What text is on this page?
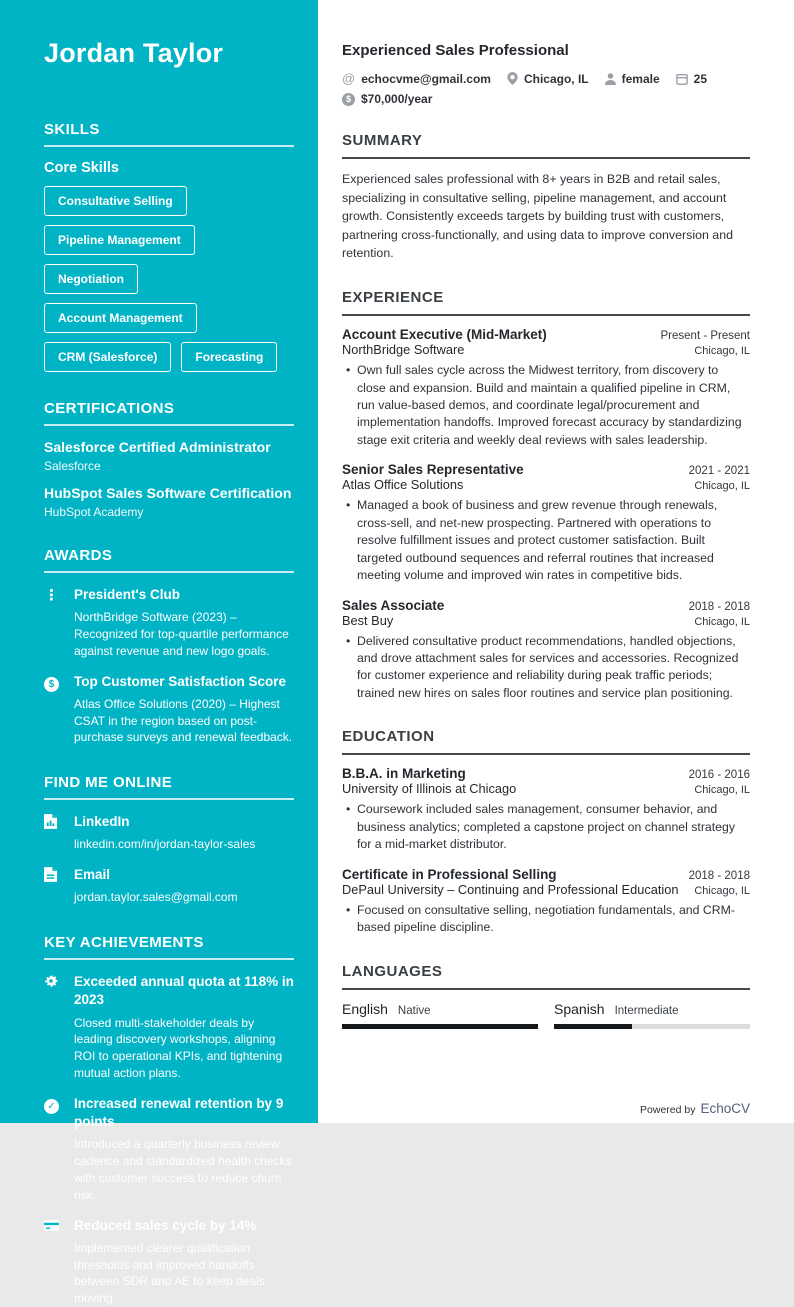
Jordan Taylor
SKILLS
Core Skills
Consultative Selling
Pipeline Management
Negotiation
Account Management
CRM (Salesforce)	Forecasting
CERTIFICATIONS
Salesforce Certified Administrator
Salesforce
HubSpot Sales Software Certification
HubSpot Academy
AWARDS
⋮	President's Club
NorthBridge Software (2023) – Recognized for top-quartile performance against revenue and new logo goals.
$	Top Customer Satisfaction Score
Atlas Office Solutions (2020) – Highest CSAT in the region based on post-purchase surveys and renewal feedback.
FIND ME ONLINE
LinkedIn
linkedin.com/in/jordan-taylor-sales
Email
jordan.taylor.sales@gmail.com
KEY ACHIEVEMENTS
Exceeded annual quota at 118% in 2023
Closed multi-stakeholder deals by leading discovery workshops, aligning ROI to operational KPIs, and tightening mutual action plans.
✓	Increased renewal retention by 9 points
Introduced a quarterly business review cadence and standardized health checks with customer success to reduce churn risk.
Reduced sales cycle by 14%
Implemented clearer qualification thresholds and improved handoffs between SDR and AE to keep deals moving.
Experienced Sales Professional
@ echocvme@gmail.com	Chicago, IL	female	25
$ $70,000/year
SUMMARY

Experienced sales professional with 8+ years in B2B and retail sales, specializing in consultative selling, pipeline management, and account growth. Consistently exceeds targets by building trust with customers, partnering cross-functionally, and using data to improve conversion and retention.

EXPERIENCE
Account Executive (Mid-Market)	Present - Present
NorthBridge Software	Chicago, IL
• Own full sales cycle across the Midwest territory, from discovery to close and expansion. Build and maintain a qualified pipeline in CRM, run value-based demos, and coordinate legal/procurement and implementation handoffs. Improved forecast accuracy by standardizing stage exit criteria and weekly deal reviews with sales leadership.
Senior Sales Representative	2021 - 2021
Atlas Office Solutions	Chicago, IL
• Managed a book of business and grew revenue through renewals, cross-sell, and net-new prospecting. Partnered with operations to resolve fulfillment issues and protect customer satisfaction. Built targeted outbound sequences and referral routines that increased meeting volume and improved win rates in competitive bids.
Sales Associate	2018 - 2018
Best Buy	Chicago, IL
• Delivered consultative product recommendations, handled objections, and drove attachment sales for services and accessories. Recognized for customer experience and reliability during peak traffic periods; trained new hires on sales floor routines and service plan positioning.
EDUCATION
B.B.A. in Marketing	2016 - 2016
University of Illinois at Chicago	Chicago, IL
• Coursework included sales management, consumer behavior, and business analytics; completed a capstone project on channel strategy for a mid-market distributor.
Certificate in Professional Selling	2018 - 2018
DePaul University – Continuing and Professional Education Chicago, IL
• Focused on consultative selling, negotiation fundamentals, and CRM-based pipeline discipline.
LANGUAGES
English Native	Spanish Intermediate
Powered by EchoCV
